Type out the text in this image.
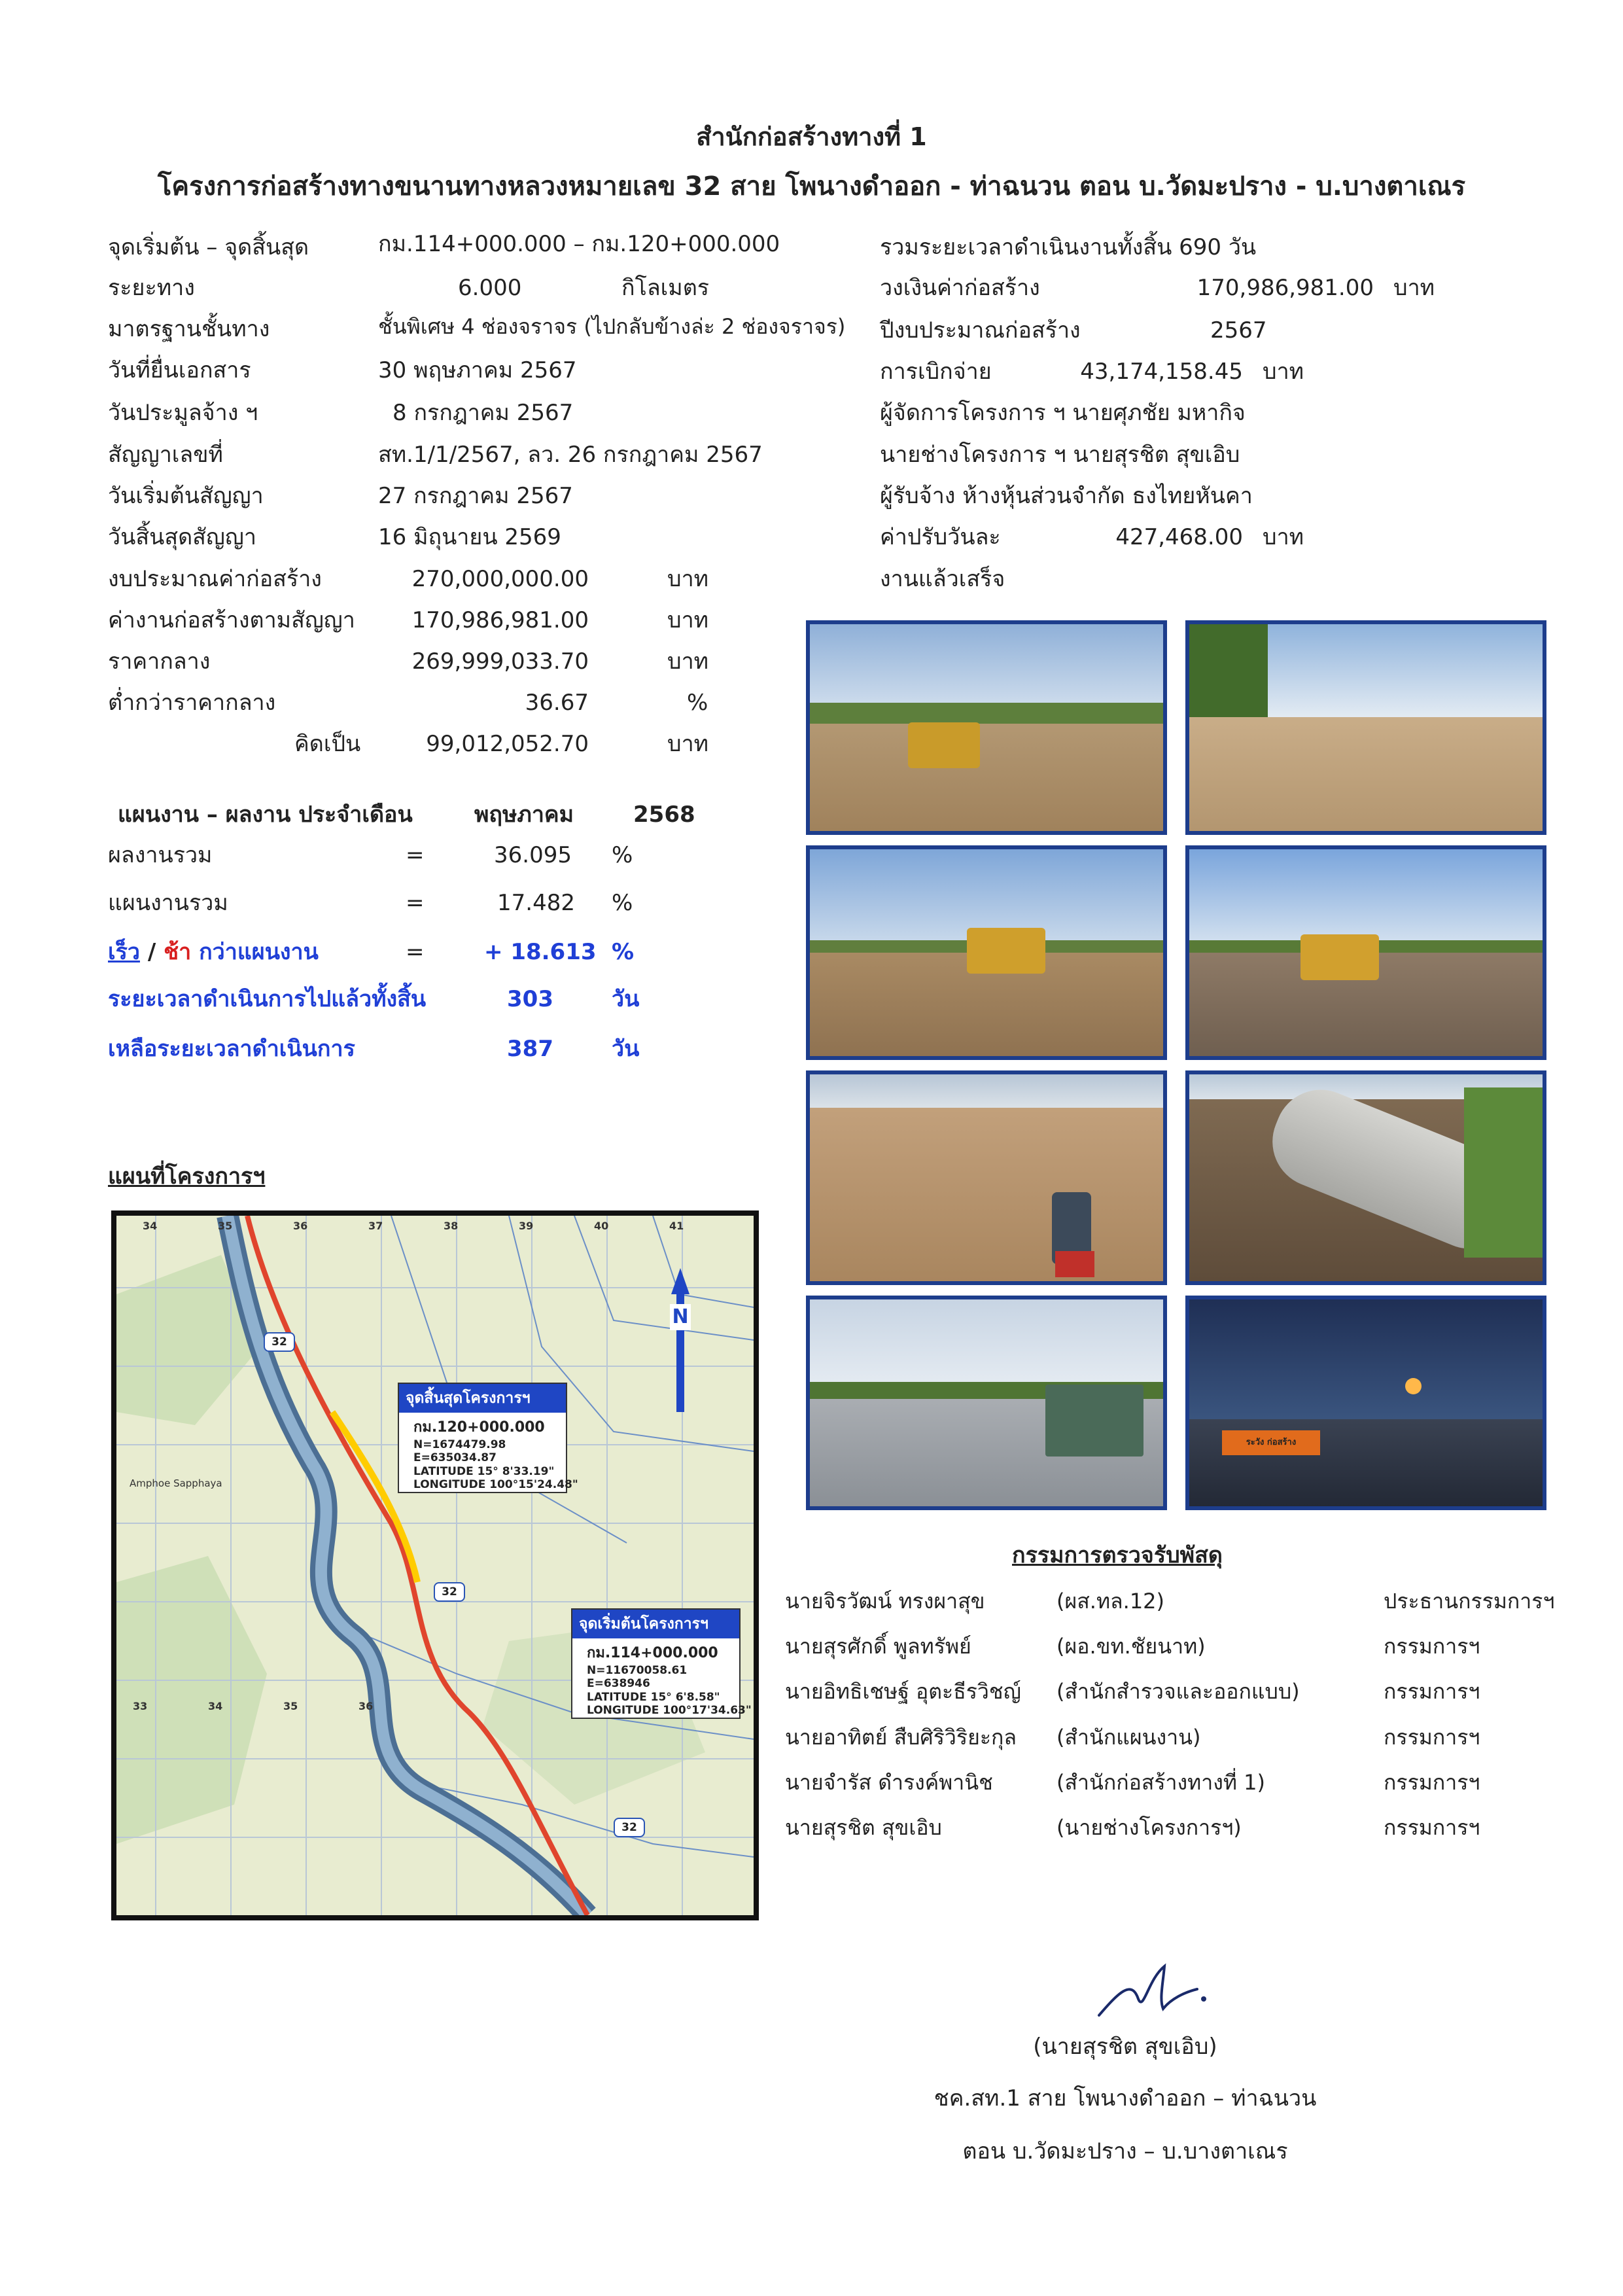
สำนักก่อสร้างทางที่ 1
โครงการก่อสร้างทางขนานทางหลวงหมายเลข 32 สาย โพนางดำออก - ท่าฉนวน ตอน บ.วัดมะปราง - บ.บางตาเณร
จุดเริ่มต้น – จุดสิ้นสุด	กม.114+000.000 – กม.120+000.000
ระยะทาง	6.000	กิโลเมตร
มาตรฐานชั้นทาง	ชั้นพิเศษ 4 ช่องจราจร (ไปกลับข้างล่ะ 2 ช่องจราจร)
วันที่ยื่นเอกสาร	30 พฤษภาคม 2567
วันประมูลจ้าง ฯ	8 กรกฎาคม 2567
สัญญาเลขที่	สท.1/1/2567, ลว. 26 กรกฎาคม 2567
วันเริ่มต้นสัญญา	27 กรกฎาคม 2567
วันสิ้นสุดสัญญา	16 มิถุนายน 2569
งบประมาณค่าก่อสร้าง	270,000,000.00	บาท
ค่างานก่อสร้างตามสัญญา	170,986,981.00	บาท
ราคากลาง	269,999,033.70	บาท
ต่ำกว่าราคากลาง	36.67	%
คิดเป็น	99,012,052.70	บาท
รวมระยะเวลาดำเนินงานทั้งสิ้น 690 วัน
วงเงินค่าก่อสร้าง	170,986,981.00 บาท
ปีงบประมาณก่อสร้าง	2567
การเบิกจ่าย	43,174,158.45 บาท
ผู้จัดการโครงการ ฯ นายศุภชัย มหากิจ
นายช่างโครงการ ฯ นายสุรชิต สุขเอิบ
ผู้รับจ้าง ห้างหุ้นส่วนจำกัด ธงไทยหันคา
ค่าปรับวันละ	427,468.00 บาท
งานแล้วเสร็จ
แผนงาน – ผลงาน ประจำเดือน	พฤษภาคม	2568
ผลงานรวม	=	36.095 %
แผนงานรวม	=	17.482 %
เร็ว / ช้า กว่าแผนงาน	=	+ 18.613 %
ระยะเวลาดำเนินการไปแล้วทั้งสิ้น	303	วัน
เหลือระยะเวลาดำเนินการ	387	วัน
แผนที่โครงการฯ
34	35	36	37	38	39	40	41
34	35	36
33
Amphoe Sapphaya
32
32
32
N
จุดสิ้นสุดโครงการฯ
กม.120+000.000
N=1674479.98
E=635034.87
LATITUDE 15° 8'33.19"
LONGITUDE 100°15'24.48"
จุดเริ่มต้นโครงการฯ
กม.114+000.000
N=11670058.61
E=638946
LATITUDE 15° 6'8.58"
LONGITUDE 100°17'34.63"
ระวัง ก่อสร้าง
กรรมการตรวจรับพัสดุ
นายจิรวัฒน์ ทรงผาสุข	(ผส.ทล.12)	ประธานกรรมการฯ
นายสุรศักดิ์ พูลทรัพย์	(ผอ.ขท.ชัยนาท)	กรรมการฯ
นายอิทธิเชษฐ์ อุตะธีรวิชญ์ (สำนักสำรวจและออกแบบ)	กรรมการฯ
นายอาทิตย์ สืบศิริวิริยะกุล (สำนักแผนงาน)	กรรมการฯ
นายจำรัส ดำรงค์พานิช	(สำนักก่อสร้างทางที่ 1)	กรรมการฯ
นายสุรชิต สุขเอิบ	(นายช่างโครงการฯ)	กรรมการฯ
(นายสุรชิต สุขเอิบ)
ชค.สท.1 สาย โพนางดำออก – ท่าฉนวน
ตอน บ.วัดมะปราง – บ.บางตาเณร
